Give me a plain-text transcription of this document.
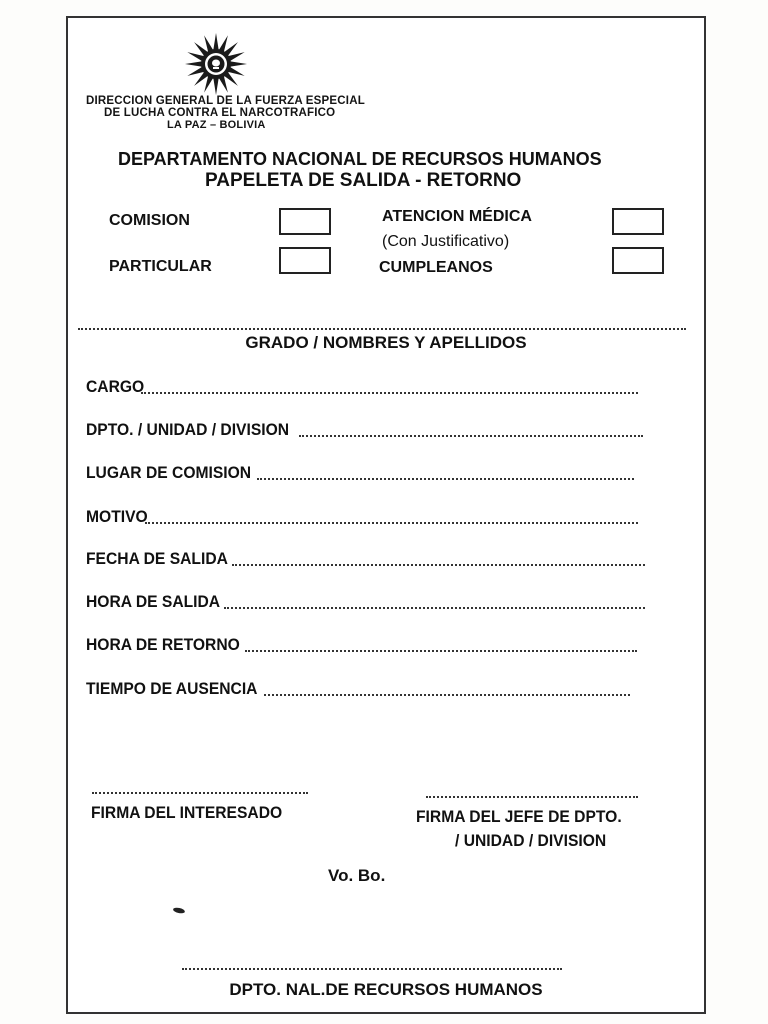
DIRECCION GENERAL DE LA FUERZA ESPECIAL
DE LUCHA CONTRA EL NARCOTRAFICO
LA PAZ – BOLIVIA
DEPARTAMENTO NACIONAL DE RECURSOS HUMANOS
PAPELETA DE SALIDA - RETORNO
COMISION
PARTICULAR
ATENCION MÉDICA
(Con Justificativo)
CUMPLEANOS
GRADO / NOMBRES Y APELLIDOS
CARGO
DPTO. / UNIDAD / DIVISION
LUGAR DE COMISION
MOTIVO
FECHA DE SALIDA
HORA DE SALIDA
HORA DE RETORNO
TIEMPO DE AUSENCIA
FIRMA DEL INTERESADO	FIRMA DEL JEFE DE DPTO.
/ UNIDAD / DIVISION
Vo. Bo.
DPTO. NAL.DE RECURSOS HUMANOS
